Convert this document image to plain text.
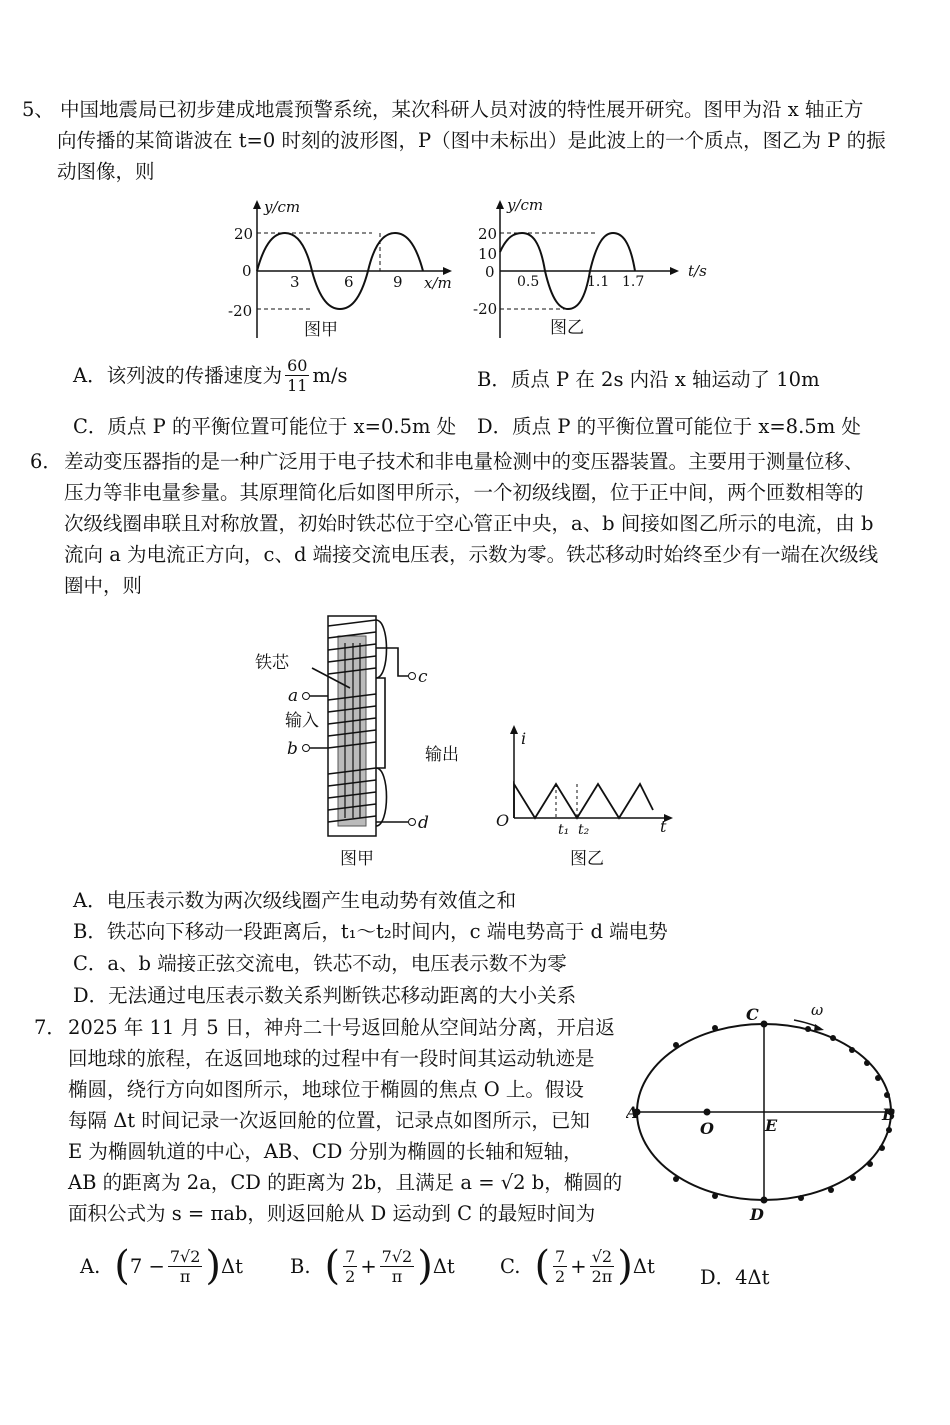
5、 中国地震局已初步建成地震预警系统，某次科研人员对波的特性展开研究。图甲为沿 x 轴正方
向传播的某简谐波在 t=0 时刻的波形图，P（图中未标出）是此波上的一个质点，图乙为 P 的振
动图像，则
y/cm
20
0
-20
3	6	9 x/m
图甲
y/cm
20
10
0
-20
0.5	1.1 1.7
t/s
图乙
A．该列波的传播速度为 $\frac{60}{11} m/s$	B．质点 P 在 2s 内沿 x 轴运动了 10m
C．质点 P 的平衡位置可能位于 x=0.5m 处 D．质点 P 的平衡位置可能位于 x=8.5m 处
6． 差动变压器指的是一种广泛用于电子技术和非电量检测中的变压器装置。主要用于测量位移、
压力等非电量参量。其原理简化后如图甲所示，一个初级线圈，位于正中间，两个匝数相等的
次级线圈串联且对称放置，初始时铁芯位于空心管正中央，a、b 间接如图乙所示的电流，由 b
流向 a 为电流正方向，c、d 端接交流电压表，示数为零。铁芯移动时始终至少有一端在次级线
圈中，则
铁芯
a
输入
b
c
d
输出
图甲
i
O	t
t₁ t₂
图乙
A．电压表示数为两次级线圈产生电动势有效值之和
B．铁芯向下移动一段距离后，t₁～t₂时间内，c 端电势高于 d 端电势
C．a、b 端接正弦交流电，铁芯不动，电压表示数不为零
D．无法通过电压表示数关系判断铁芯移动距离的大小关系
7． 2025 年 11 月 5 日，神舟二十号返回舱从空间站分离，开启返
回地球的旅程，在返回地球的过程中有一段时间其运动轨迹是
椭圆，绕行方向如图所示，地球位于椭圆的焦点 O 上。假设
每隔 Δt 时间记录一次返回舱的位置，记录点如图所示，已知
E 为椭圆轨道的中心，AB、CD 分别为椭圆的长轴和短轴，
AB 的距离为 2a，CD 的距离为 2b，且满足 a = √2 b，椭圆的
面积公式为 s = πab，则返回舱从 D 运动到 C 的最短时间为
A	B
C
D
E
O
ω
A. ( $7 - \frac{7√2}{\pi}$ ) Δt B. ( $\frac{7}{2} + \frac{7√2}{\pi}$ ) Δt C. ( $\frac{7}{2} + \frac{√2}{2\pi}$ ) Δt D．4Δt
